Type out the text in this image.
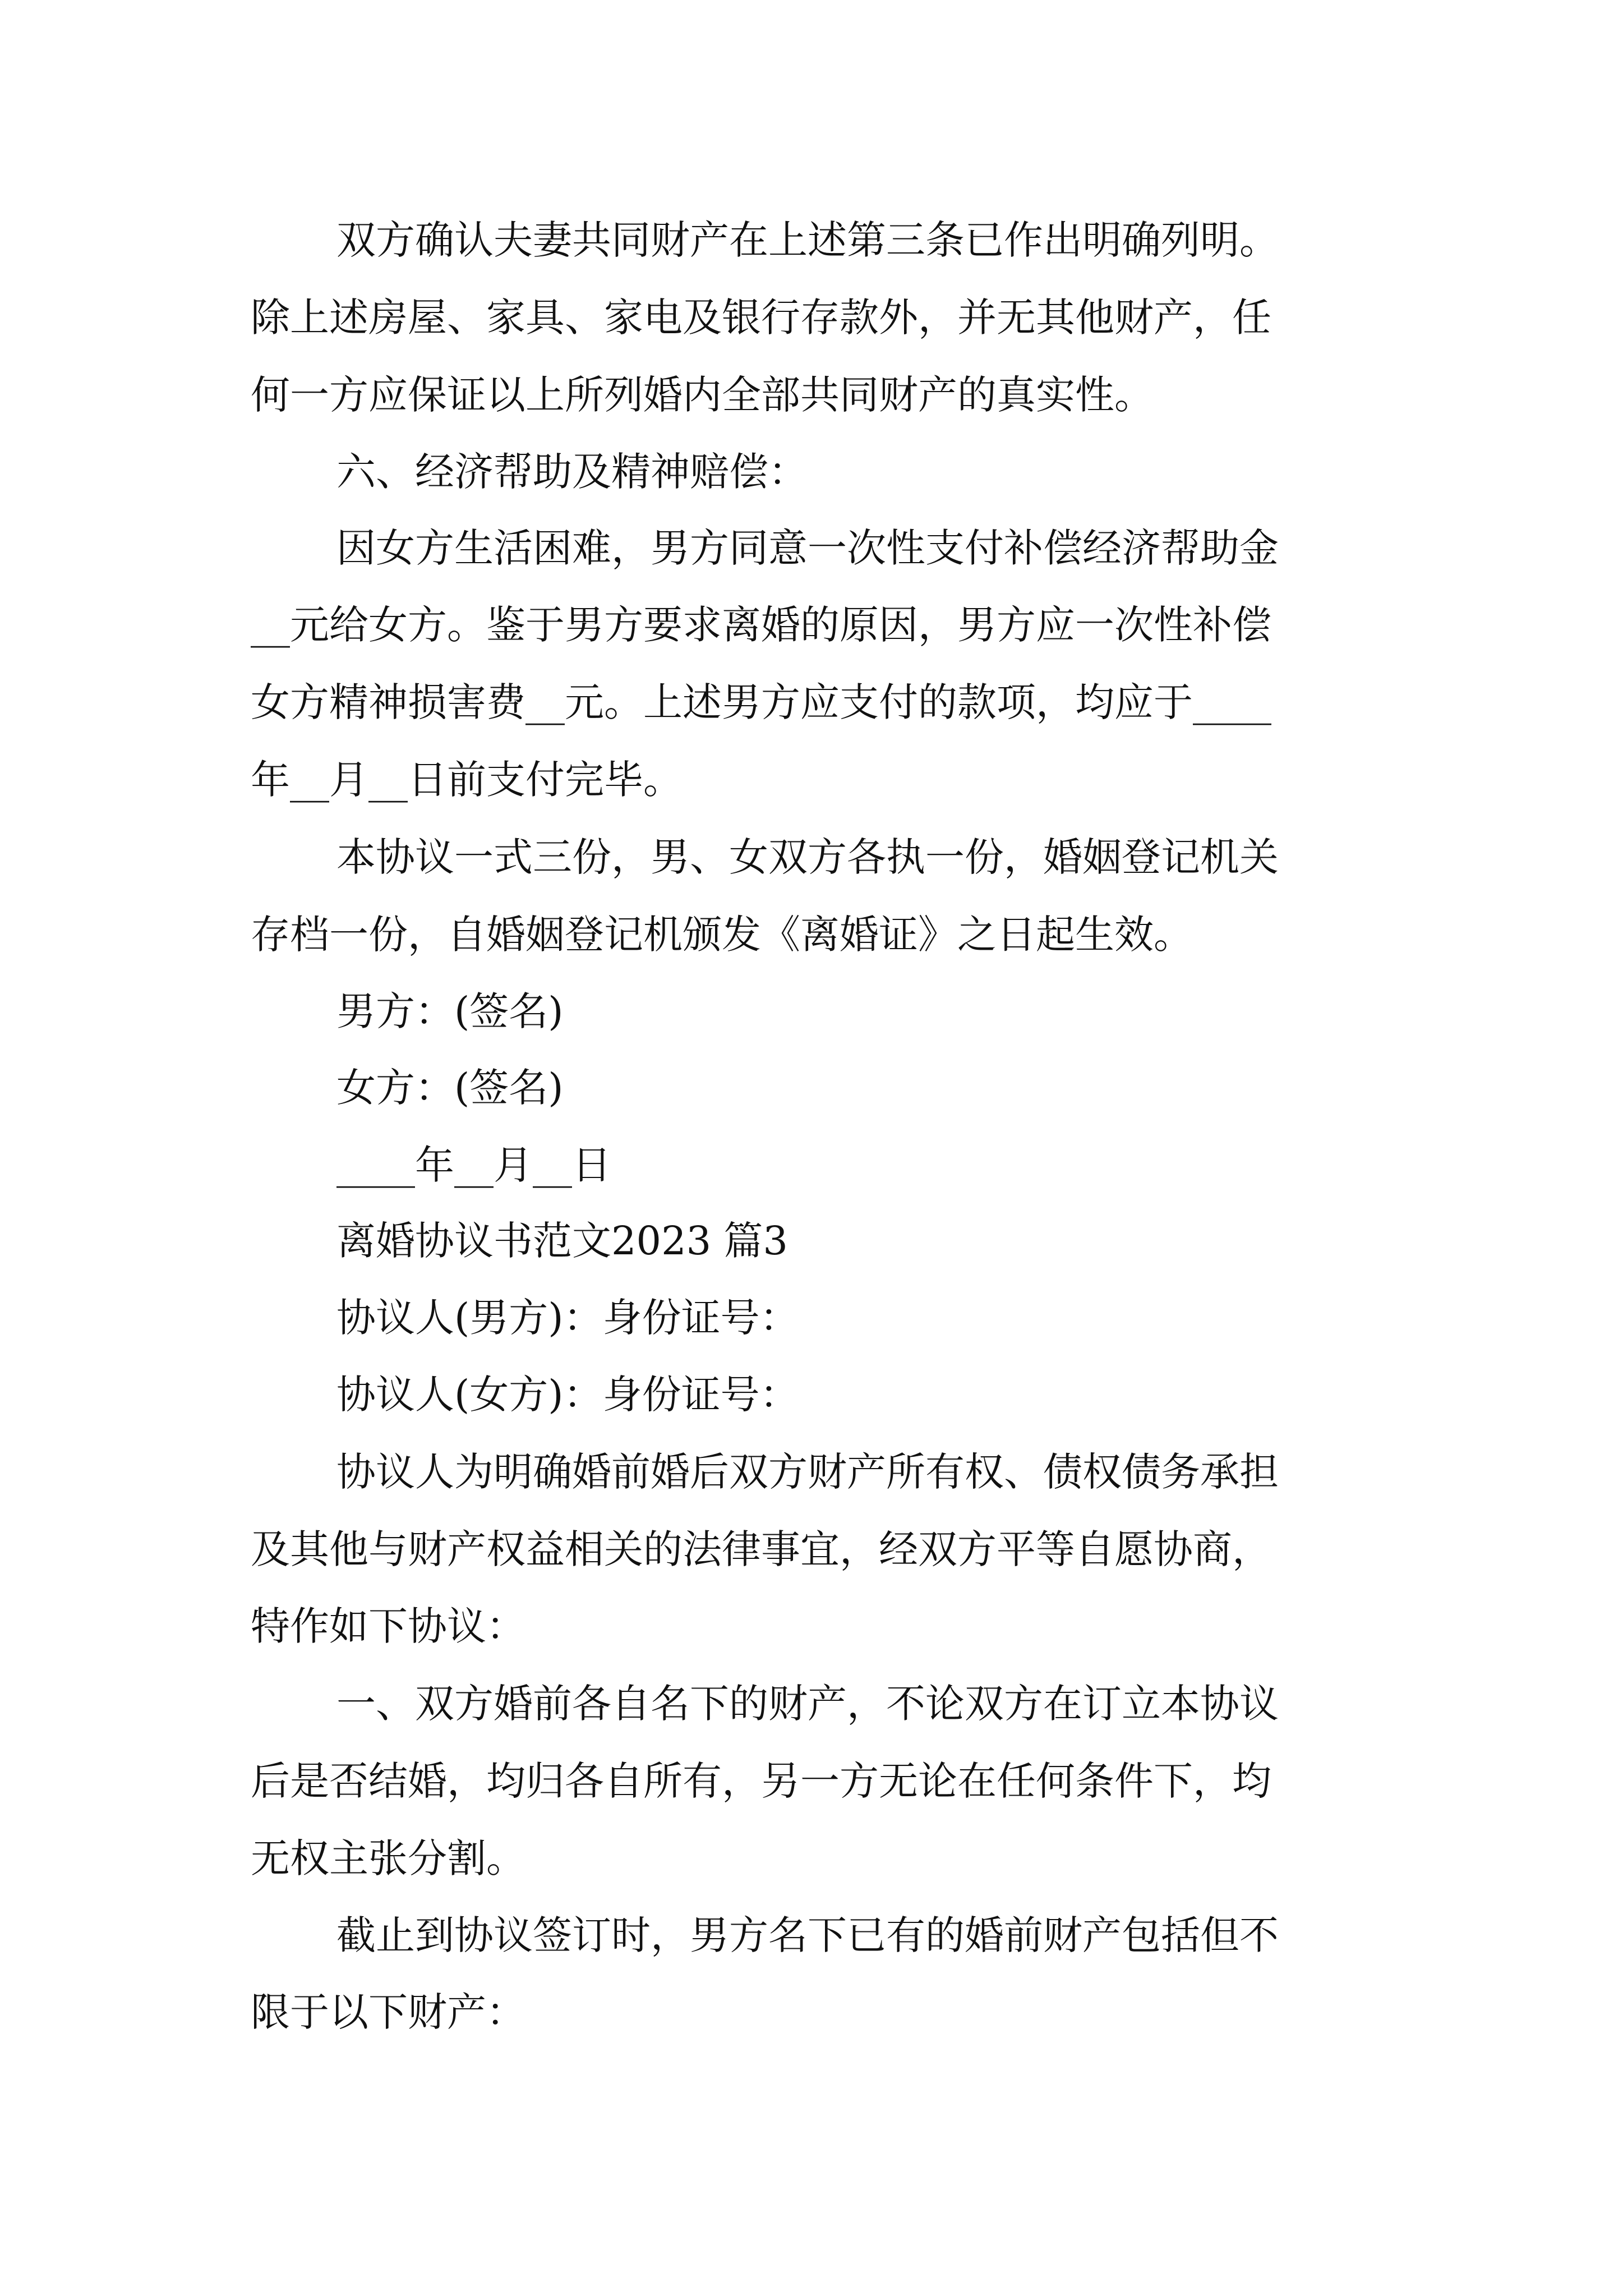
双方确认夫妻共同财产在上述第三条已作出明确列明。

除上述房屋、家具、家电及银行存款外，并无其他财产，任

何一方应保证以上所列婚内全部共同财产的真实性。

六、经济帮助及精神赔偿：

因女方生活困难，男方同意一次性支付补偿经济帮助金

__元给女方。鉴于男方要求离婚的原因，男方应一次性补偿

女方精神损害费__元。上述男方应支付的款项，均应于____

年__月__日前支付完毕。

本协议一式三份，男、女双方各执一份，婚姻登记机关

存档一份，自婚姻登记机颁发《离婚证》之日起生效。

男方：(签名)

女方：(签名)

____年__月__日

离婚协议书范文2023 篇3

协议人(男方)：身份证号：

协议人(女方)：身份证号：

协议人为明确婚前婚后双方财产所有权、债权债务承担

及其他与财产权益相关的法律事宜，经双方平等自愿协商，

特作如下协议：

一、双方婚前各自名下的财产，不论双方在订立本协议

后是否结婚，均归各自所有，另一方无论在任何条件下，均

无权主张分割。

截止到协议签订时，男方名下已有的婚前财产包括但不

限于以下财产：
